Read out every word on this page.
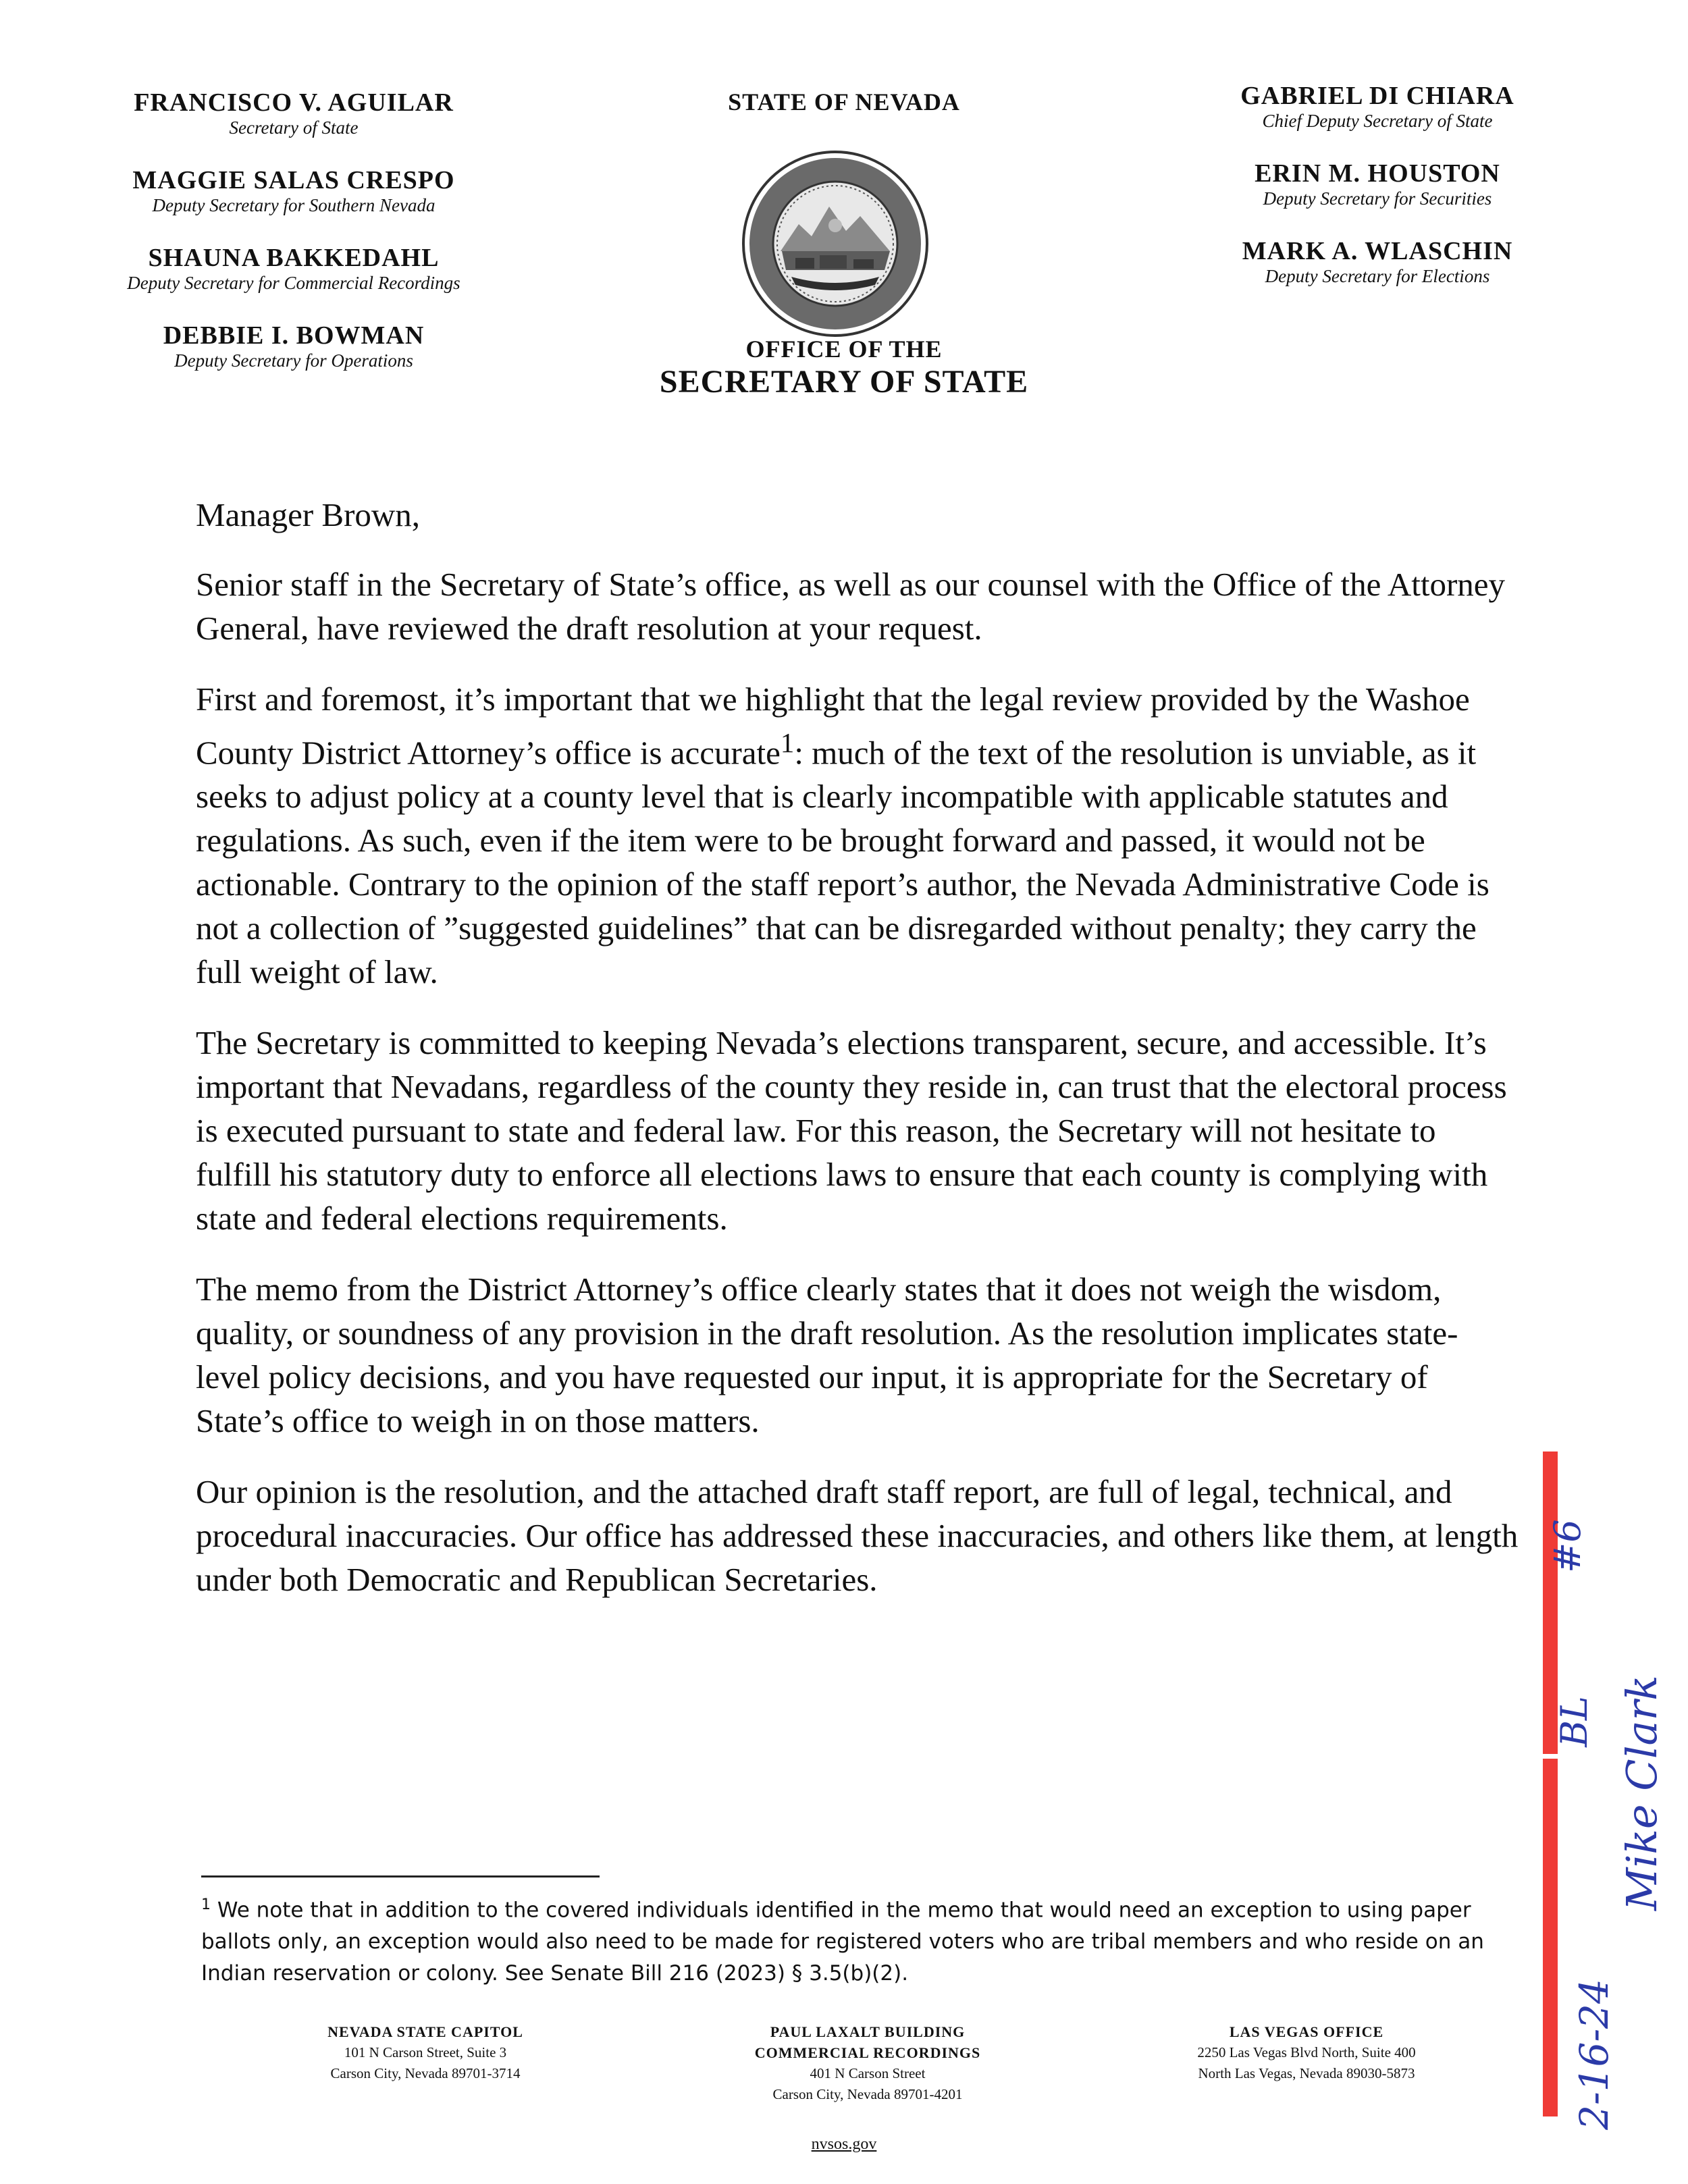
FRANCISCO V. AGUILAR
Secretary of State
MAGGIE SALAS CRESPO
Deputy Secretary for Southern Nevada
SHAUNA BAKKEDAHL
Deputy Secretary for Commercial Recordings
DEBBIE I. BOWMAN
Deputy Secretary for Operations
STATE OF NEVADA
OFFICE OF THE
SECRETARY OF STATE
GABRIEL DI CHIARA
Chief Deputy Secretary of State
ERIN M. HOUSTON
Deputy Secretary for Securities
MARK A. WLASCHIN
Deputy Secretary for Elections

Manager Brown,

Senior staff in the Secretary of State’s office, as well as our counsel with the Office of the Attorney General, have reviewed the draft resolution at your request.

First and foremost, it’s important that we highlight that the legal review provided by the Washoe County District Attorney’s office is accurate$^1$: much of the text of the resolution is unviable, as it seeks to adjust policy at a county level that is clearly incompatible with applicable statutes and regulations. As such, even if the item were to be brought forward and passed, it would not be actionable. Contrary to the opinion of the staff report’s author, the Nevada Administrative Code is not a collection of ”suggested guidelines” that can be disregarded without penalty; they carry the full weight of law.

The Secretary is committed to keeping Nevada’s elections transparent, secure, and accessible. It’s important that Nevadans, regardless of the county they reside in, can trust that the electoral process is executed pursuant to state and federal law. For this reason, the Secretary will not hesitate to fulfill his statutory duty to enforce all elections laws to ensure that each county is complying with state and federal elections requirements.

The memo from the District Attorney’s office clearly states that it does not weigh the wisdom, quality, or soundness of any provision in the draft resolution. As the resolution implicates state-level policy decisions, and you have requested our input, it is appropriate for the Secretary of State’s office to weigh in on those matters.

Our opinion is the resolution, and the attached draft staff report, are full of legal, technical, and procedural inaccuracies. Our office has addressed these inaccuracies, and others like them, at length under both Democratic and Republican Secretaries.

$^1$ We note that in addition to the covered individuals identified in the memo that would need an exception to using paper ballots only, an exception would also need to be made for registered voters who are tribal members and who reside on an Indian reservation or colony. See Senate Bill 216 (2023) § 3.5(b)(2).
NEVADA STATE CAPITOL
101 N Carson Street, Suite 3
Carson City, Nevada 89701-3714
PAUL LAXALT BUILDING
COMMERCIAL RECORDINGS
401 N Carson Street
Carson City, Nevada 89701-4201
LAS VEGAS OFFICE
2250 Las Vegas Blvd North, Suite 400
North Las Vegas, Nevada 89030-5873
nvsos.gov
#6
BL Mike Clark
2-16-24
